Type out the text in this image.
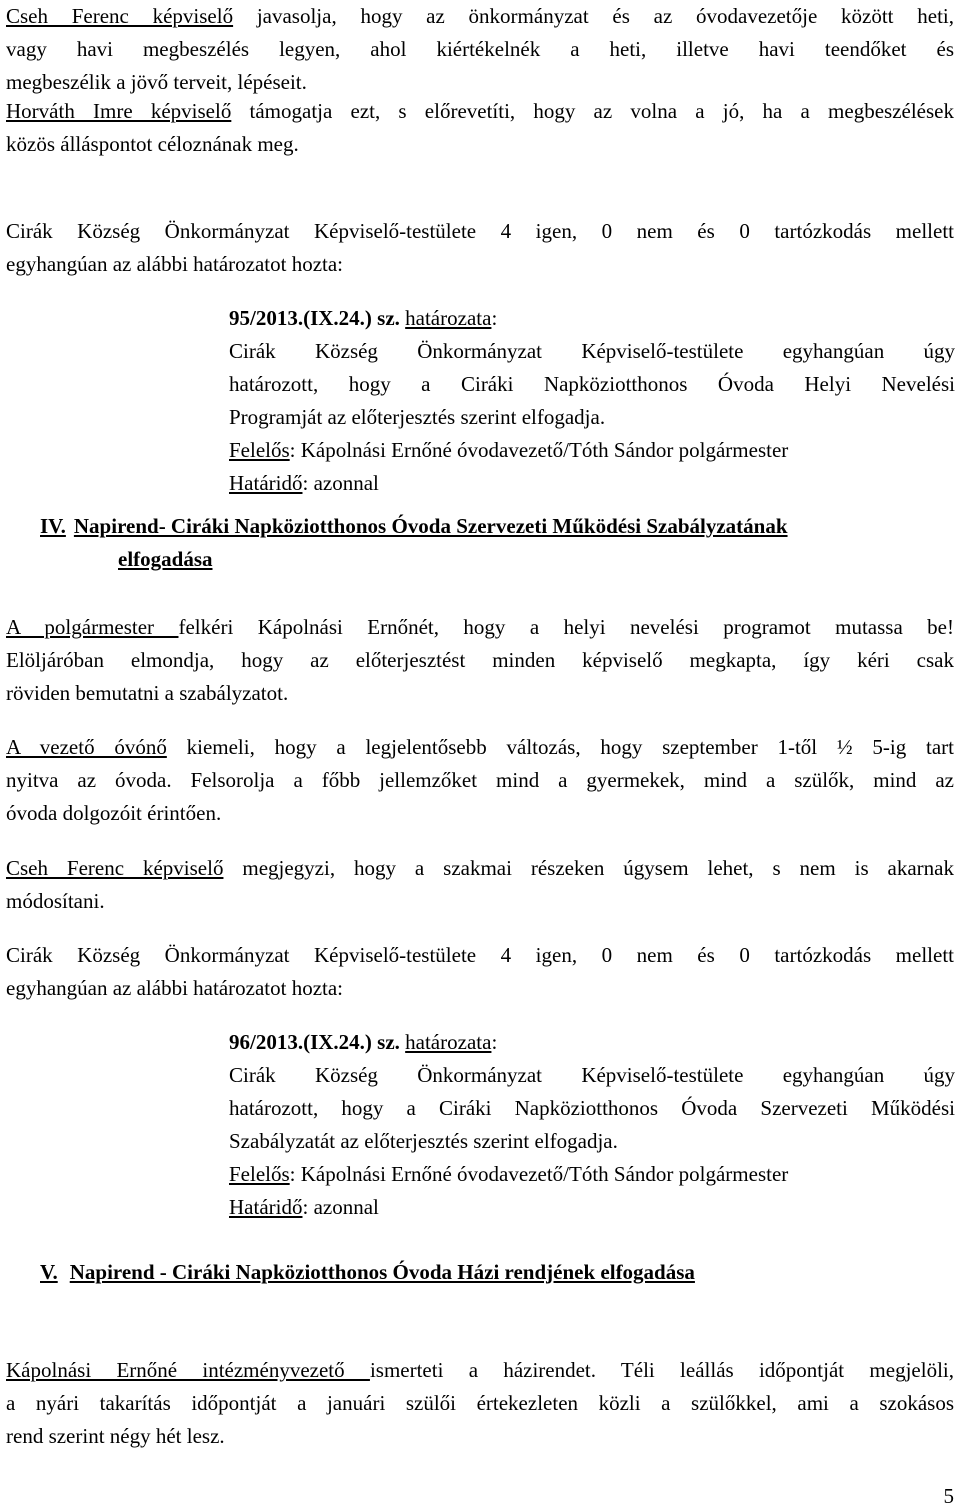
Cseh Ferenc képviselő javasolja, hogy az önkormányzat és az óvodavezetője között heti,
vagy havi megbeszélés legyen, ahol kiértékelnék a heti, illetve havi teendőket és
megbeszélik a jövő terveit, lépéseit.
Horváth Imre képviselő támogatja ezt, s előrevetíti, hogy az volna a jó, ha a megbeszélések
közös álláspontot céloznának meg.
Cirák Község Önkormányzat Képviselő-testülete 4 igen, 0 nem és 0 tartózkodás mellett
egyhangúan az alábbi határozatot hozta:
95/2013.(IX.24.) sz. határozata:
Cirák Község Önkormányzat Képviselő-testülete egyhangúan úgy
határozott, hogy a Ciráki Napköziotthonos Óvoda Helyi Nevelési
Programját az előterjesztés szerint elfogadja.
Felelős: Kápolnási Ernőné óvodavezető/Tóth Sándor polgármester
Határidő: azonnal
IV. Napirend- Ciráki Napköziotthonos Óvoda Szervezeti Működési Szabályzatának
elfogadása
A polgármester felkéri Kápolnási Ernőnét, hogy a helyi nevelési programot mutassa be!
Elöljáróban elmondja, hogy az előterjesztést minden képviselő megkapta, így kéri csak
röviden bemutatni a szabályzatot.
A vezető óvónő kiemeli, hogy a legjelentősebb változás, hogy szeptember 1-től ½ 5-ig tart
nyitva az óvoda. Felsorolja a főbb jellemzőket mind a gyermekek, mind a szülők, mind az
óvoda dolgozóit érintően.
Cseh Ferenc képviselő megjegyzi, hogy a szakmai részeken úgysem lehet, s nem is akarnak
módosítani.
Cirák Község Önkormányzat Képviselő-testülete 4 igen, 0 nem és 0 tartózkodás mellett
egyhangúan az alábbi határozatot hozta:
96/2013.(IX.24.) sz. határozata:
Cirák Község Önkormányzat Képviselő-testülete egyhangúan úgy
határozott, hogy a Ciráki Napköziotthonos Óvoda Szervezeti Működési
Szabályzatát az előterjesztés szerint elfogadja.
Felelős: Kápolnási Ernőné óvodavezető/Tóth Sándor polgármester
Határidő: azonnal
V. Napirend - Ciráki Napköziotthonos Óvoda Házi rendjének elfogadása
Kápolnási Ernőné intézményvezető ismerteti a házirendet. Téli leállás időpontját megjelöli,
a nyári takarítás időpontját a januári szülői értekezleten közli a szülőkkel, ami a szokásos
rend szerint négy hét lesz.
5
